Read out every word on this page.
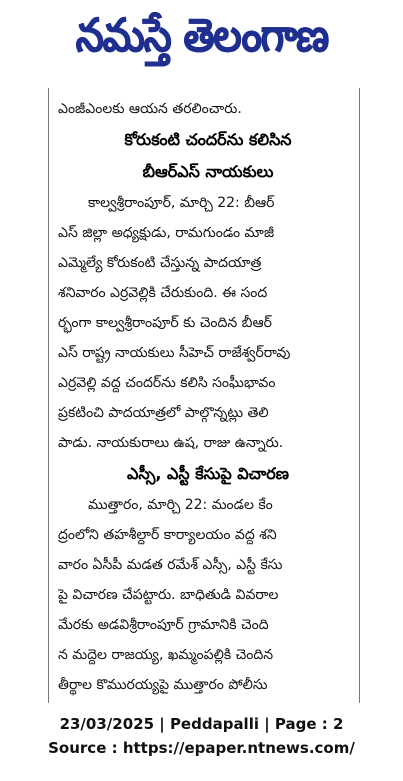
నమస్తే తెలంగాణ
ఎంజీఎంలకు ఆయన తరలించారు.
కోరుకంటి చందర్‌ను కలిసిన
బీఆర్ఎస్ నాయకులు
కాల్వశ్రీరాంపూర్, మార్చి 22: బీఆర్
ఎస్ జిల్లా అధ్యక్షుడు, రామగుండం మాజీ
ఎమ్మెల్యే కోరుకంటి చేస్తున్న పాదయాత్ర
శనివారం ఎర్రవెల్లికి చేరుకుంది. ఈ సంద
ర్భంగా కాల్వశ్రీరాంపూర్ కు చెందిన బీఆర్
ఎస్ రాష్ట్ర నాయకులు సీహెచ్ రాజేశ్వర్‌రావు
ఎర్రవెల్లి వద్ద చందర్‌ను కలిసి సంఘీభావం
ప్రకటించి పాదయాత్రలో పాల్గొన్నట్లు తెలి
పాడు. నాయకురాలు ఉష, రాజు ఉన్నారు.
ఎస్సీ, ఎస్టీ కేసుపై విచారణ
ముత్తారం, మార్చి 22: మండల కేం
ద్రంలోని తహశీల్దార్ కార్యాలయం వద్ద శని
వారం ఏసీపీ మడత రమేశ్ ఎస్సీ, ఎస్టీ కేసు
పై విచారణ చేపట్టారు. బాధితుడి వివరాల
మేరకు అడవిశ్రీరాంపూర్ గ్రామానికి చెంది
న మద్దెల రాజయ్య, ఖమ్మంపల్లికి చెందిన
తీర్థాల కొమురయ్యపై ముత్తారం పోలీసు
23/03/2025 | Peddapalli | Page : 2
Source : https://epaper.ntnews.com/
